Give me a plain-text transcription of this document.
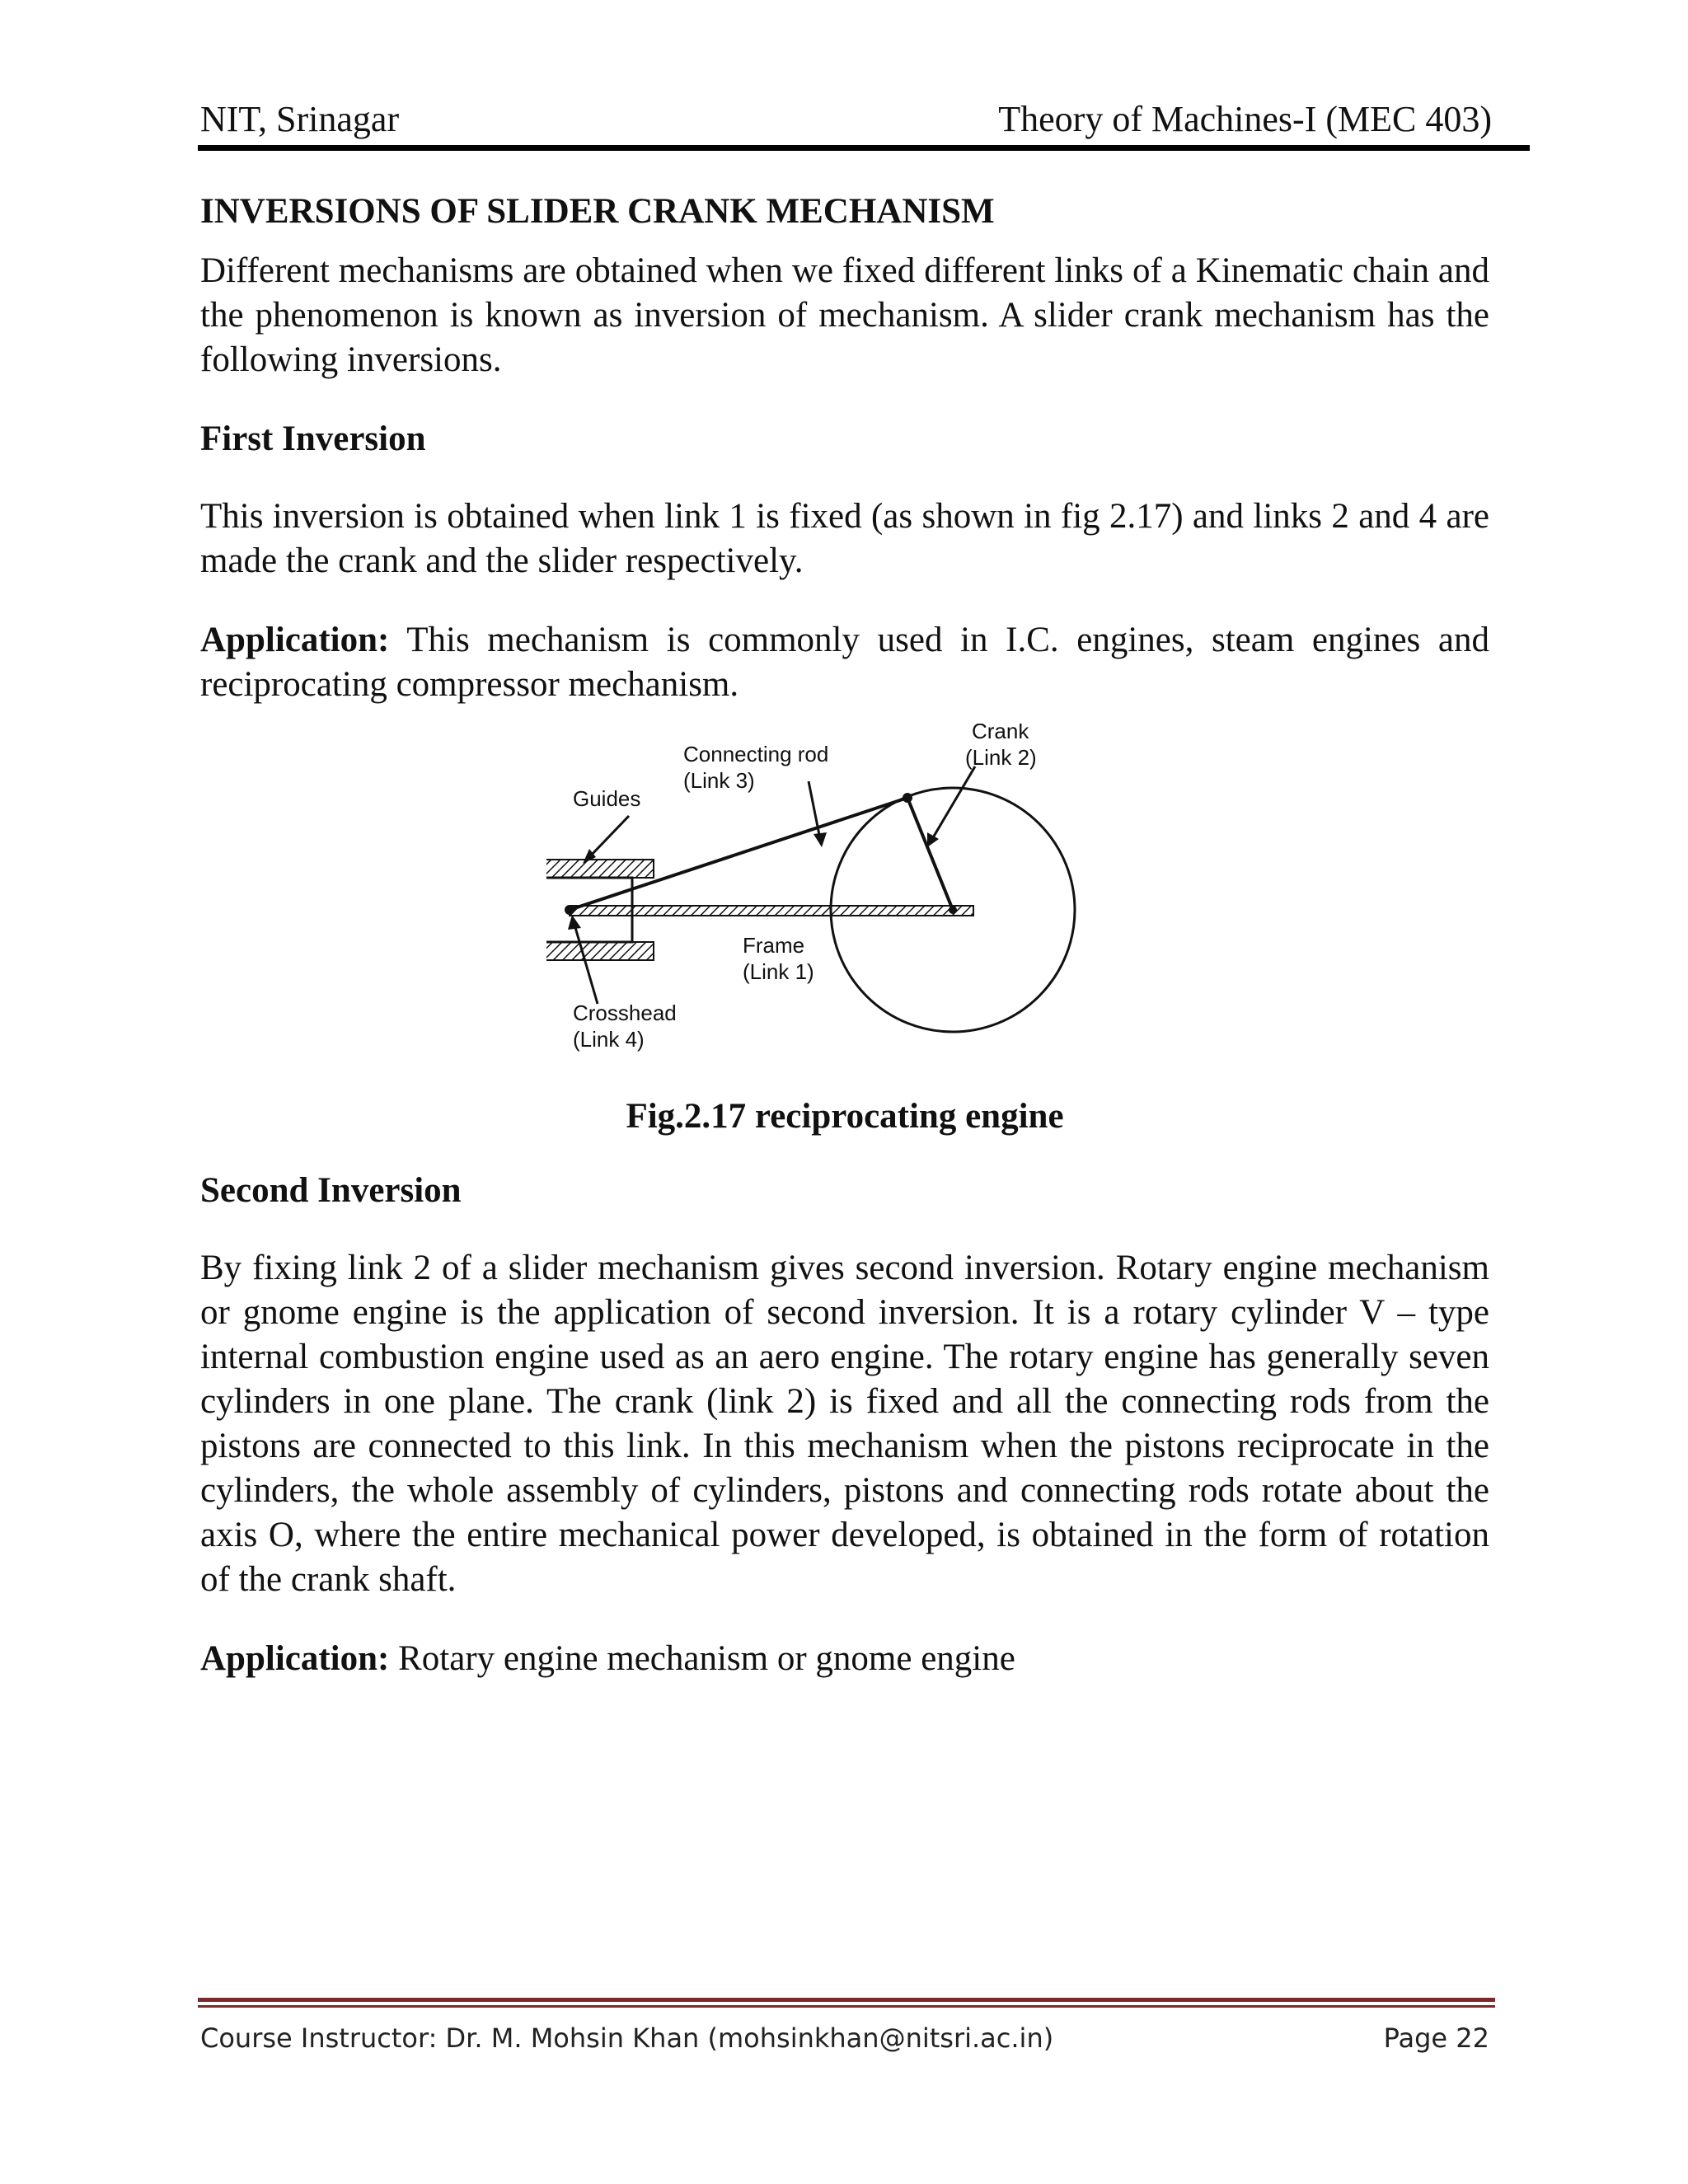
NIT, Srinagar	Theory of Machines-I (MEC 403)
INVERSIONS OF SLIDER CRANK MECHANISM

Different mechanisms are obtained when we fixed different links of a Kinematic chain and the phenomenon is known as inversion of mechanism. A slider crank mechanism has the following inversions.

First Inversion

This inversion is obtained when link 1 is fixed (as shown in fig 2.17) and links 2 and 4 are made the crank and the slider respectively.

Application: This mechanism is commonly used in I.C. engines, steam engines and reciprocating compressor mechanism.

Crank
(Link 2)
Connecting rod
(Link 3)
Guides
Frame
(Link 1)
Crosshead
(Link 4)
Fig.2.17 reciprocating engine
Second Inversion

By fixing link 2 of a slider mechanism gives second inversion. Rotary engine mechanism or gnome engine is the application of second inversion. It is a rotary cylinder V – type internal combustion engine used as an aero engine. The rotary engine has generally seven cylinders in one plane. The crank (link 2) is fixed and all the connecting rods from the pistons are connected to this link. In this mechanism when the pistons reciprocate in the cylinders, the whole assembly of cylinders, pistons and connecting rods rotate about the axis O, where the entire mechanical power developed, is obtained in the form of rotation of the crank shaft.

Application: Rotary engine mechanism or gnome engine

Course Instructor: Dr. M. Mohsin Khan (mohsinkhan@nitsri.ac.in)	Page 22
